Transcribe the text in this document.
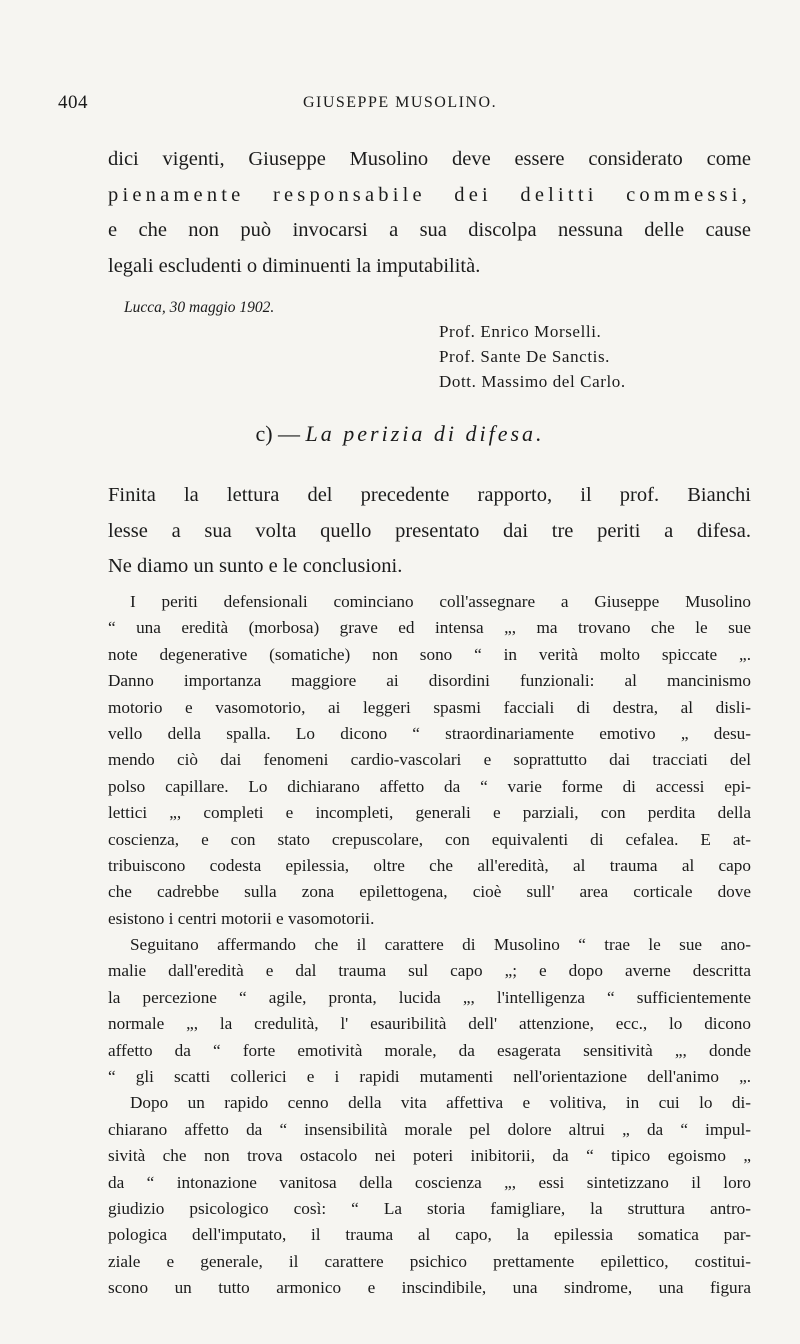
404	GIUSEPPE MUSOLINO.

dici vigenti, Giuseppe Musolino deve essere considerato come
pienamente responsabile dei delitti commessi,
e che non può invocarsi a sua discolpa nessuna delle cause
legali escludenti o diminuenti la imputabilità.

Lucca, 30 maggio 1902.
Prof. Enrico Morselli.
Prof. Sante De Sanctis.
Dott. Massimo del Carlo.
c) — La perizia di difesa.

Finita la lettura del precedente rapporto, il prof. Bianchi
lesse a sua volta quello presentato dai tre periti a difesa.
Ne diamo un sunto e le conclusioni.

I periti defensionali cominciano coll'assegnare a Giuseppe Musolino
“ una eredità (morbosa) grave ed intensa „, ma trovano che le sue
note degenerative (somatiche) non sono “ in verità molto spiccate „.
Danno importanza maggiore ai disordini funzionali: al mancinismo
motorio e vasomotorio, ai leggeri spasmi facciali di destra, al disli-
vello della spalla. Lo dicono “ straordinariamente emotivo „ desu-
mendo ciò dai fenomeni cardio-vascolari e soprattutto dai tracciati del
polso capillare. Lo dichiarano affetto da “ varie forme di accessi epi-
lettici „, completi e incompleti, generali e parziali, con perdita della
coscienza, e con stato crepuscolare, con equivalenti di cefalea. E at-
tribuiscono codesta epilessia, oltre che all'eredità, al trauma al capo
che cadrebbe sulla zona epilettogena, cioè sull' area corticale dove
esistono i centri motorii e vasomotorii.
Seguitano affermando che il carattere di Musolino “ trae le sue ano-
malie dall'eredità e dal trauma sul capo „; e dopo averne descritta
la percezione “ agile, pronta, lucida „, l'intelligenza “ sufficientemente
normale „, la credulità, l' esauribilità dell' attenzione, ecc., lo dicono
affetto da “ forte emotività morale, da esagerata sensitività „, donde
“ gli scatti collerici e i rapidi mutamenti nell'orientazione dell'animo „.
Dopo un rapido cenno della vita affettiva e volitiva, in cui lo di-
chiarano affetto da “ insensibilità morale pel dolore altrui „ da “ impul-
sività che non trova ostacolo nei poteri inibitorii, da “ tipico egoismo „
da “ intonazione vanitosa della coscienza „, essi sintetizzano il loro
giudizio psicologico così: “ La storia famigliare, la struttura antro-
pologica dell'imputato, il trauma al capo, la epilessia somatica par-
ziale e generale, il carattere psichico prettamente epilettico, costitui-
scono un tutto armonico e inscindibile, una sindrome, una figura
